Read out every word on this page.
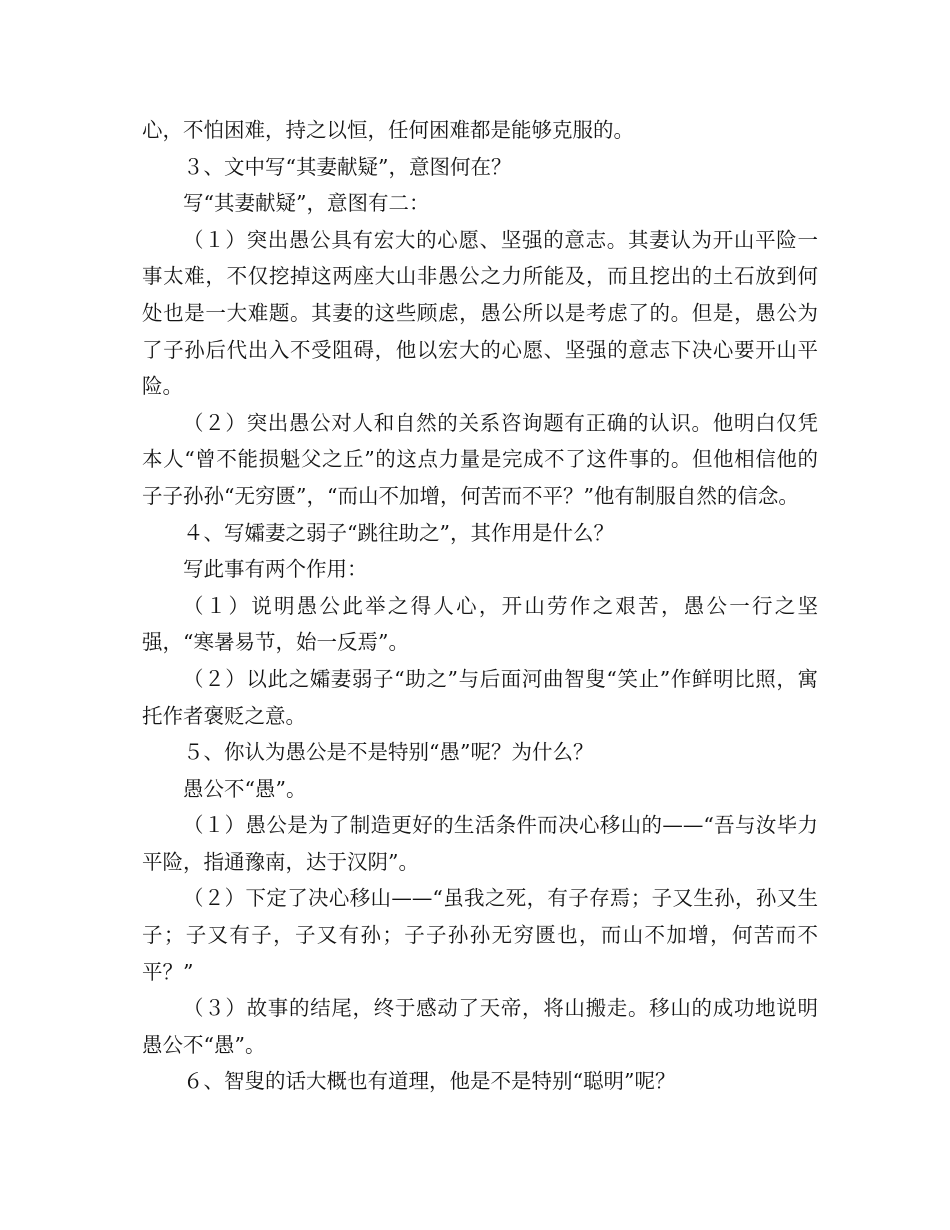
心，不怕困难，持之以恒，任何困难都是能够克服的。

３、文中写“其妻献疑”，意图何在？

写“其妻献疑”，意图有二：

（１）突出愚公具有宏大的心愿、坚强的意志。其妻认为开山平险一事太难，不仅挖掉这两座大山非愚公之力所能及，而且挖出的土石放到何处也是一大难题。其妻的这些顾虑，愚公所以是考虑了的。但是，愚公为了子孙后代出入不受阻碍，他以宏大的心愿、坚强的意志下决心要开山平险。

（２）突出愚公对人和自然的关系咨询题有正确的认识。他明白仅凭本人“曾不能损魁父之丘”的这点力量是完成不了这件事的。但他相信他的子子孙孙“无穷匮”，“而山不加增，何苦而不平？”他有制服自然的信念。

４、写孀妻之弱子“跳往助之”，其作用是什么？

写此事有两个作用：

（１）说明愚公此举之得人心，开山劳作之艰苦，愚公一行之坚强，“寒暑易节，始一反焉”。

（２）以此之孀妻弱子“助之”与后面河曲智叟“笑止”作鲜明比照，寓托作者褒贬之意。

５、你认为愚公是不是特别“愚”呢？为什么？

愚公不“愚”。

（１）愚公是为了制造更好的生活条件而决心移山的——“吾与汝毕力平险，指通豫南，达于汉阴”。

（２）下定了决心移山——“虽我之死，有子存焉；子又生孙，孙又生子；子又有子，子又有孙；子子孙孙无穷匮也，而山不加增，何苦而不平？”

（３）故事的结尾，终于感动了天帝，将山搬走。移山的成功地说明愚公不“愚”。

６、智叟的话大概也有道理，他是不是特别“聪明”呢？
